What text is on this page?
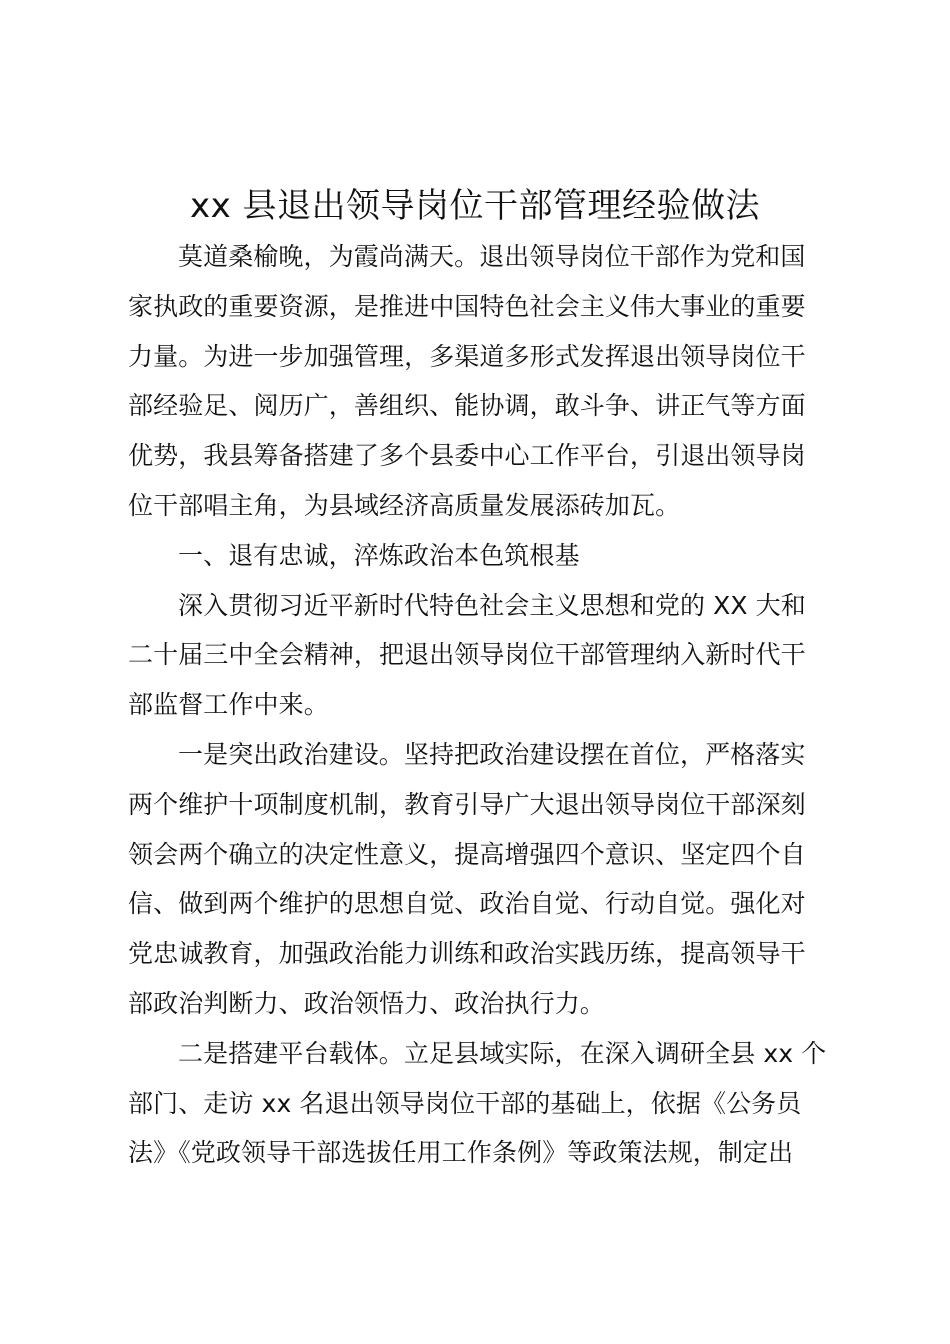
xx 县退出领导岗位干部管理经验做法
莫道桑榆晚，为霞尚满天。退出领导岗位干部作为党和国
家执政的重要资源，是推进中国特色社会主义伟大事业的重要
力量。为进一步加强管理，多渠道多形式发挥退出领导岗位干
部经验足、阅历广，善组织、能协调，敢斗争、讲正气等方面
优势，我县筹备搭建了多个县委中心工作平台，引退出领导岗
位干部唱主角，为县域经济高质量发展添砖加瓦。
一、退有忠诚，淬炼政治本色筑根基
深入贯彻习近平新时代特色社会主义思想和党的 XX 大和
二十届三中全会精神，把退出领导岗位干部管理纳入新时代干
部监督工作中来。
一是突出政治建设。坚持把政治建设摆在首位，严格落实
两个维护十项制度机制，教育引导广大退出领导岗位干部深刻
领会两个确立的决定性意义，提高增强四个意识、坚定四个自
信、做到两个维护的思想自觉、政治自觉、行动自觉。强化对
党忠诚教育，加强政治能力训练和政治实践历练，提高领导干
部政治判断力、政治领悟力、政治执行力。
二是搭建平台载体。立足县域实际，在深入调研全县 xx 个
部门、走访 xx 名退出领导岗位干部的基础上，依据《公务员
法》《党政领导干部选拔任用工作条例》等政策法规，制定出
